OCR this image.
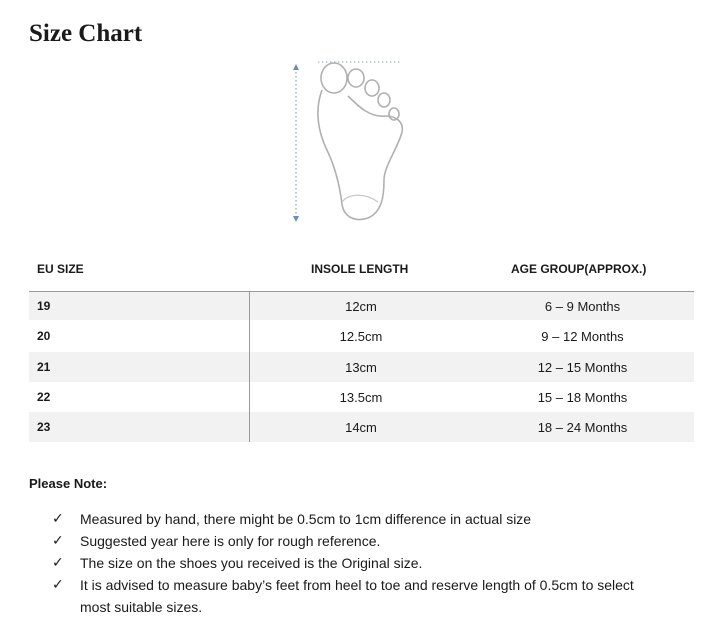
Size Chart
EU SIZE	INSOLE LENGTH	AGE GROUP(APPROX.)
19	12cm	6 – 9 Months
20	12.5cm	9 – 12 Months
21	13cm	12 – 15 Months
22	13.5cm	15 – 18 Months
23	14cm	18 – 24 Months
Please Note:
✓ Measured by hand, there might be 0.5cm to 1cm difference in actual size
✓ Suggested year here is only for rough reference.
✓ The size on the shoes you received is the Original size.
✓ It is advised to measure baby’s feet from heel to toe and reserve length of 0.5cm to select most suitable sizes.
